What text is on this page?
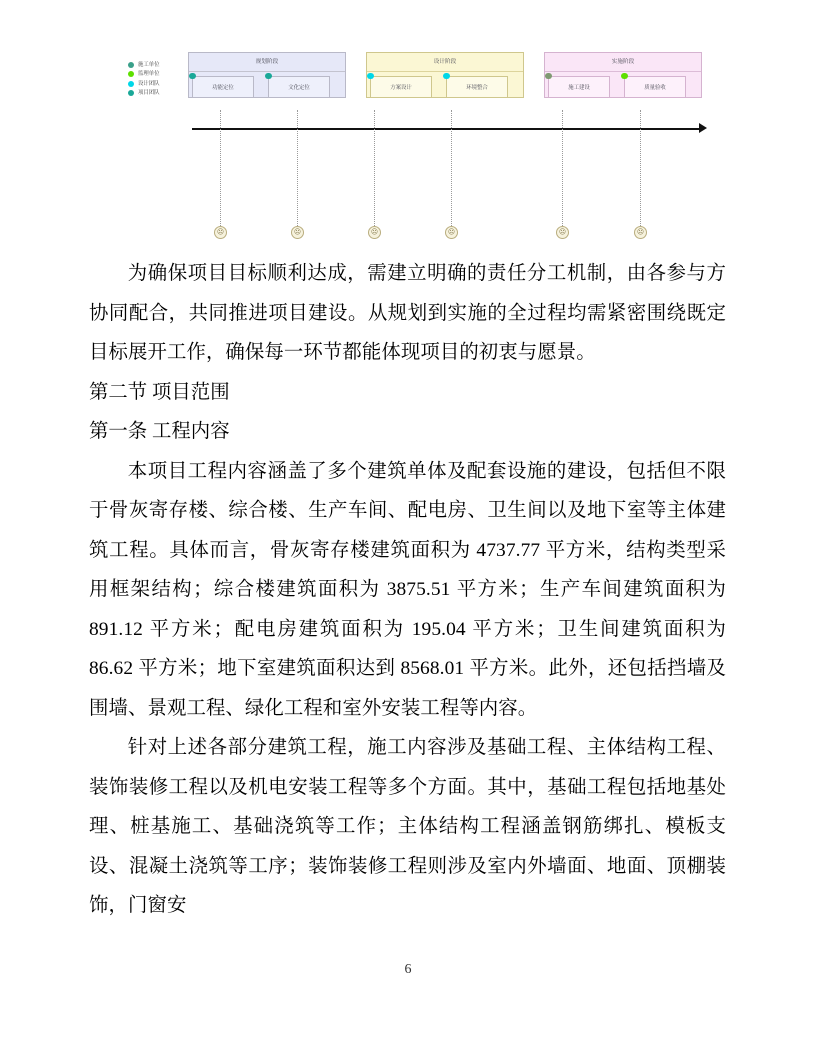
施工单位
监理单位
设计团队
项目团队
规划阶段
功能定位	文化定位
设计阶段
方案设计	环境整合
实施阶段
施工建设	质量验收
☹	☹	☹	☹	☹	☹

为确保项目目标顺利达成，需建立明确的责任分工机制，由各参与方协同配合，共同推进项目建设。从规划到实施的全过程均需紧密围绕既定目标展开工作，确保每一环节都能体现项目的初衷与愿景。

第二节 项目范围

第一条 工程内容

本项目工程内容涵盖了多个建筑单体及配套设施的建设，包括但不限于骨灰寄存楼、综合楼、生产车间、配电房、卫生间以及地下室等主体建筑工程。具体而言，骨灰寄存楼建筑面积为 4737.77 平方米，结构类型采用框架结构；综合楼建筑面积为 3875.51 平方米；生产车间建筑面积为 891.12 平方米；配电房建筑面积为 195.04 平方米；卫生间建筑面积为 86.62 平方米；地下室建筑面积达到 8568.01 平方米。此外，还包括挡墙及围墙、景观工程、绿化工程和室外安装工程等内容。

针对上述各部分建筑工程，施工内容涉及基础工程、主体结构工程、装饰装修工程以及机电安装工程等多个方面。其中，基础工程包括地基处理、桩基施工、基础浇筑等工作；主体结构工程涵盖钢筋绑扎、模板支设、混凝土浇筑等工序；装饰装修工程则涉及室内外墙面、地面、顶棚装饰，门窗安

6
